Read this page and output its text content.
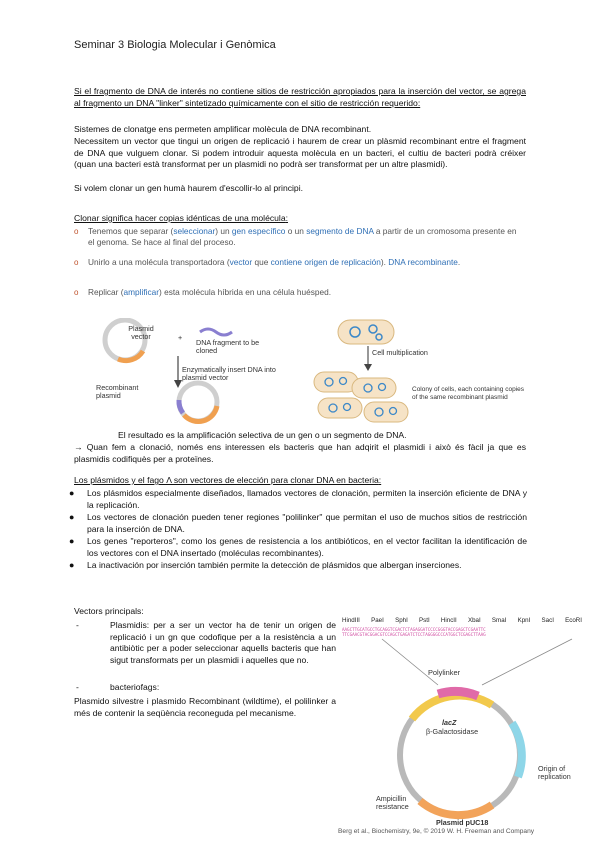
Seminar 3 Biologia Molecular i Genòmica
Si el fragmento de DNA de interés no contiene sitios de restricción apropiados para la inserción del vector, se agrega al fragmento un DNA "linker" sintetizado químicamente con el sitio de restricción requerido:
Sistemes de clonatge ens permeten amplificar molècula de DNA recombinant.
Necessitem un vector que tingui un origen de replicació i haurem de crear un plàsmid recombinant entre el fragment de DNA que vulguem clonar. Si podem introduir aquesta molècula en un bacteri, el cultiu de bacteri podrà créixer (quan una bacteri està transformat per un plasmidi no podrà ser transformat per un altre plasmidi).
Si volem clonar un gen humà haurem d'escollir-lo al principi.
Clonar significa hacer copias idénticas de una molécula:
o Tenemos que separar (seleccionar) un gen específico o un segmento de DNA a partir de un cromosoma presente en el genoma. Se hace al final del proceso.
o Unirlo a una molécula transportadora (vector que contiene origen de replicación). DNA recombinante.
o Replicar (amplificar) esta molécula híbrida en una célula huésped.
Plasmid vector	+
DNA fragment to be cloned
Enzymatically insert DNA into plasmid vector
Recombinant plasmid
Cell multiplication
Colony of cells, each containing copies of the same recombinant plasmid
El resultado es la amplificación selectiva de un gen o un segmento de DNA.
→ Quan fem a clonació, només ens interessen els bacteris que han adqirit el plasmidi i això és fàcil ja que es plasmidis codifiquès per a proteïnes.
Los plásmidos y el fago Λ son vectores de elección para clonar DNA en bacteria:
● Los plásmidos especialmente diseñados, llamados vectores de clonación, permiten la inserción eficiente de DNA y la replicación.
● Los vectores de clonación pueden tener regiones "polilinker" que permitan el uso de muchos sitios de restricción para la inserción de DNA.
● Los genes "reporteros", como los genes de resistencia a los antibióticos, en el vector facilitan la identificación de los vectores con el DNA insertado (moléculas recombinantes).
● La inactivación por inserción también permite la detección de plásmidos que albergan inserciones.
Vectors principals:
-	Plasmidis: per a ser un vector ha de tenir un origen de replicació i un gn que codofique per a la resistència a un antibiòtic per a poder seleccionar aquells bacteris que han sigut transformats per un plasmidi i aquelles que no.
-	bacteriofags:
Plasmido silvestre i plasmido Recombinant (wildtime), el polilinker a més de contenir la seqüència reconeguda pel mecanisme.
HindIII PaeI SphI PstI HincII XbaI SmaI KpnI SacI EcoRI
AAGCTTGCATGCCTGCAGGTCGACTCTAGAGGATCCCCGGGTACCGAGCTCGAATTC
TTCGAACGTACGGACGTCCAGCTGAGATCTCCTAGGGGCCCATGGCTCGAGCTTAAG
Polylinker
lacZ
β-Galactosidase
Origin of replication
Ampicillin resistance
Plasmid pUC18
Berg et al., Biochemistry, 9e, © 2019 W. H. Freeman and Company
